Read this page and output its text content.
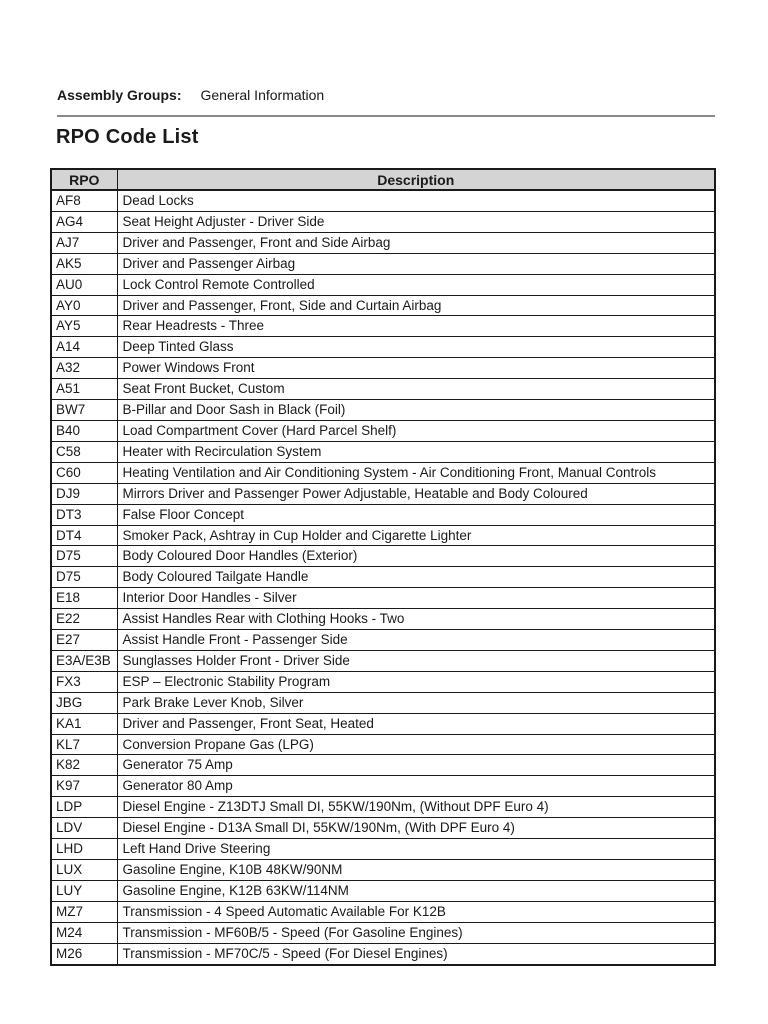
Assembly Groups: General Information
RPO Code List
RPO	Description
AF8	Dead Locks
AG4	Seat Height Adjuster - Driver Side
AJ7	Driver and Passenger, Front and Side Airbag
AK5	Driver and Passenger Airbag
AU0	Lock Control Remote Controlled
AY0	Driver and Passenger, Front, Side and Curtain Airbag
AY5	Rear Headrests - Three
A14	Deep Tinted Glass
A32	Power Windows Front
A51	Seat Front Bucket, Custom
BW7	B-Pillar and Door Sash in Black (Foil)
B40	Load Compartment Cover (Hard Parcel Shelf)
C58	Heater with Recirculation System
C60	Heating Ventilation and Air Conditioning System - Air Conditioning Front, Manual Controls
DJ9	Mirrors Driver and Passenger Power Adjustable, Heatable and Body Coloured
DT3	False Floor Concept
DT4	Smoker Pack, Ashtray in Cup Holder and Cigarette Lighter
D75	Body Coloured Door Handles (Exterior)
D75	Body Coloured Tailgate Handle
E18	Interior Door Handles - Silver
E22	Assist Handles Rear with Clothing Hooks - Two
E27	Assist Handle Front - Passenger Side
E3A/E3B	Sunglasses Holder Front - Driver Side
FX3	ESP – Electronic Stability Program
JBG	Park Brake Lever Knob, Silver
KA1	Driver and Passenger, Front Seat, Heated
KL7	Conversion Propane Gas (LPG)
K82	Generator 75 Amp
K97	Generator 80 Amp
LDP	Diesel Engine - Z13DTJ Small DI, 55KW/190Nm, (Without DPF Euro 4)
LDV	Diesel Engine - D13A Small DI, 55KW/190Nm, (With DPF Euro 4)
LHD	Left Hand Drive Steering
LUX	Gasoline Engine, K10B 48KW/90NM
LUY	Gasoline Engine, K12B 63KW/114NM
MZ7	Transmission - 4 Speed Automatic Available For K12B
M24	Transmission - MF60B/5 - Speed (For Gasoline Engines)
M26	Transmission - MF70C/5 - Speed (For Diesel Engines)
